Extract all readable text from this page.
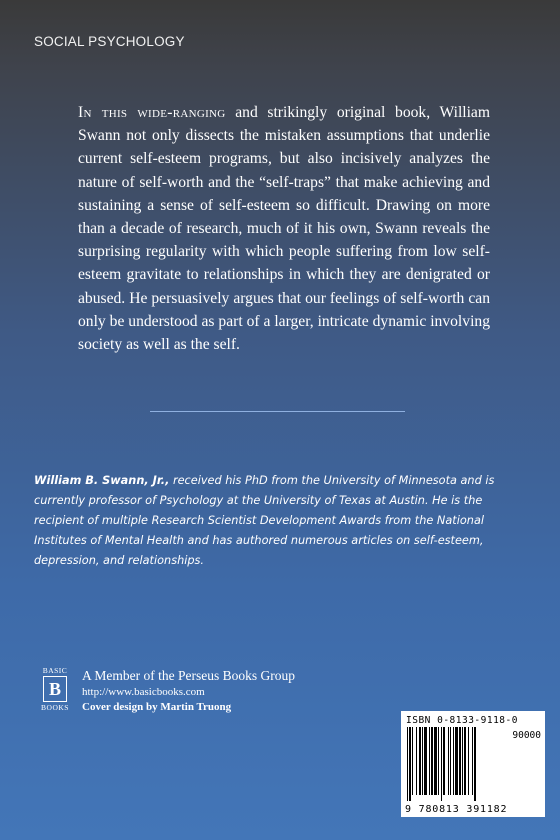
SOCIAL PSYCHOLOGY
In this wide-ranging and strikingly original book, William Swann not only dissects the mistaken assumptions that underlie current self-esteem programs, but also incisively analyzes the nature of self-worth and the “self-traps” that make achieving and sustaining a sense of self-esteem so difficult. Drawing on more than a decade of research, much of it his own, Swann reveals the surprising regularity with which people suffering from low self-esteem gravitate to relationships in which they are denigrated or abused. He persuasively argues that our feelings of self-worth can only be understood as part of a larger, intricate dynamic involving society as well as the self.
William B. Swann, Jr., received his PhD from the University of Minnesota and is currently professor of Psychology at the University of Texas at Austin. He is the recipient of multiple Research Scientist Development Awards from the National Institutes of Mental Health and has authored numerous articles on self-esteem, depression, and relationships.
BASIC
B
BOOKS
A Member of the Perseus Books Group
http://www.basicbooks.com
Cover design by Martin Truong
ISBN 0-8133-9118-0
90000
9 780813 391182
